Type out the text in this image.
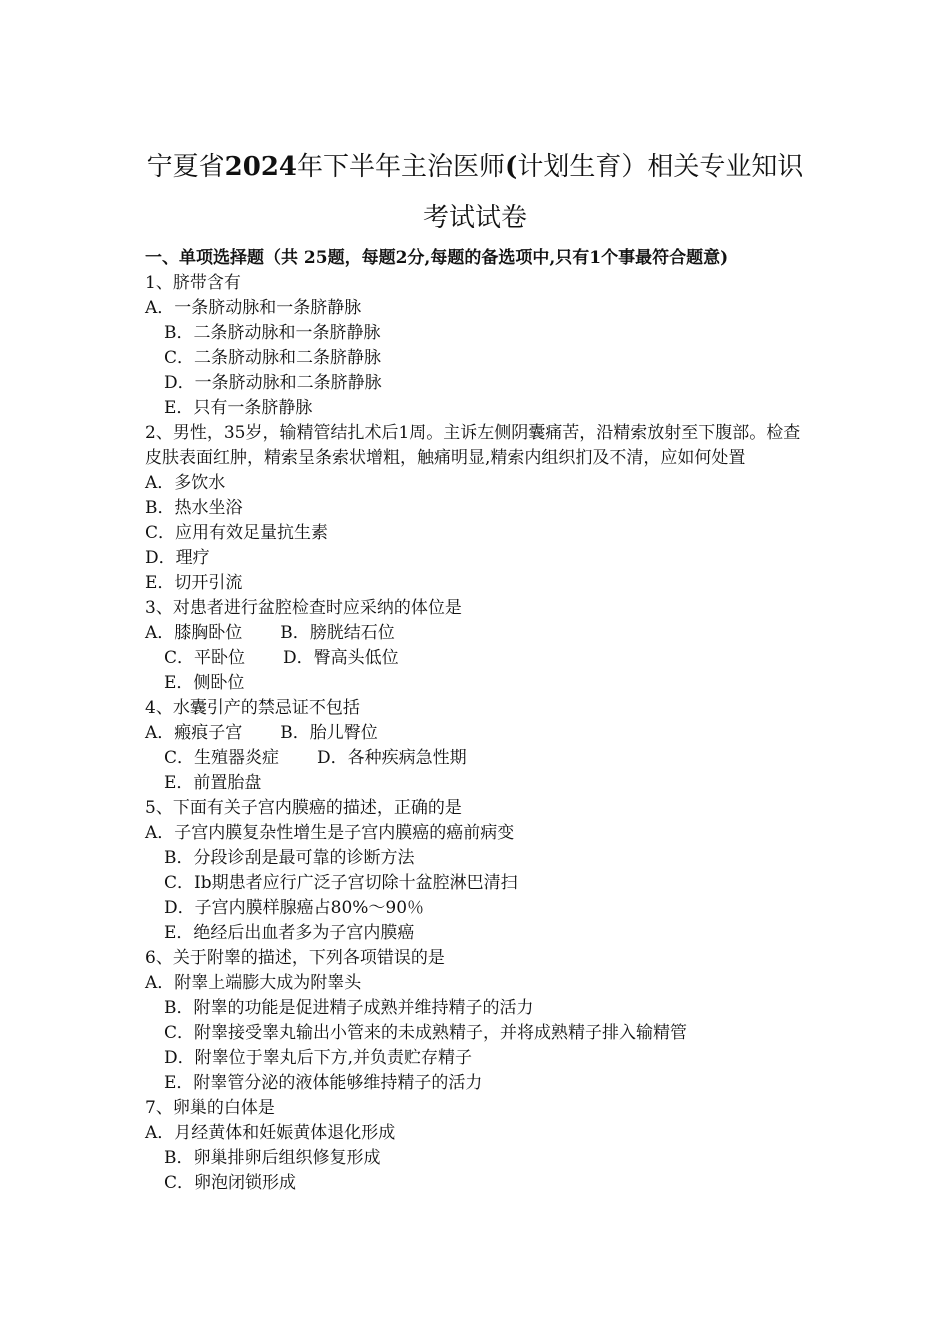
宁夏省2024年下半年主治医师(计划生育）相关专业知识
考试试卷
一、单项选择题（共 25题，每题2分,每题的备选项中,只有1个事最符合题意)
1、脐带含有
A．一条脐动脉和一条脐静脉
B．二条脐动脉和一条脐静脉
C．二条脐动脉和二条脐静脉
D．一条脐动脉和二条脐静脉
E．只有一条脐静脉
2、男性，35岁，输精管结扎术后1周。主诉左侧阴囊痛苦，沿精索放射至下腹部。检查皮肤表面红肿，精索呈条索状增粗，触痛明显,精索内组织扪及不清，应如何处置
A．多饮水
B．热水坐浴
C．应用有效足量抗生素
D．理疗
E．切开引流
3、对患者进行盆腔检查时应采纳的体位是
A．膝胸卧位 B．膀胱结石位
C．平卧位 D．臀高头低位
E．侧卧位
4、水囊引产的禁忌证不包括
A．瘢痕子宫 B．胎儿臀位
C．生殖器炎症 D．各种疾病急性期
E．前置胎盘
5、下面有关子宫内膜癌的描述，正确的是
A．子宫内膜复杂性增生是子宫内膜癌的癌前病变
B．分段诊刮是最可靠的诊断方法
C．Ⅰb期患者应行广泛子宫切除十盆腔淋巴清扫
D．子宫内膜样腺癌占80%～90％
E．绝经后出血者多为子宫内膜癌
6、关于附睾的描述，下列各项错误的是
A．附睾上端膨大成为附睾头
B．附睾的功能是促进精子成熟并维持精子的活力
C．附睾接受睾丸输出小管来的未成熟精子，并将成熟精子排入输精管
D．附睾位于睾丸后下方,并负责贮存精子
E．附睾管分泌的液体能够维持精子的活力
7、卵巢的白体是
A．月经黄体和妊娠黄体退化形成
B．卵巢排卵后组织修复形成
C．卵泡闭锁形成
